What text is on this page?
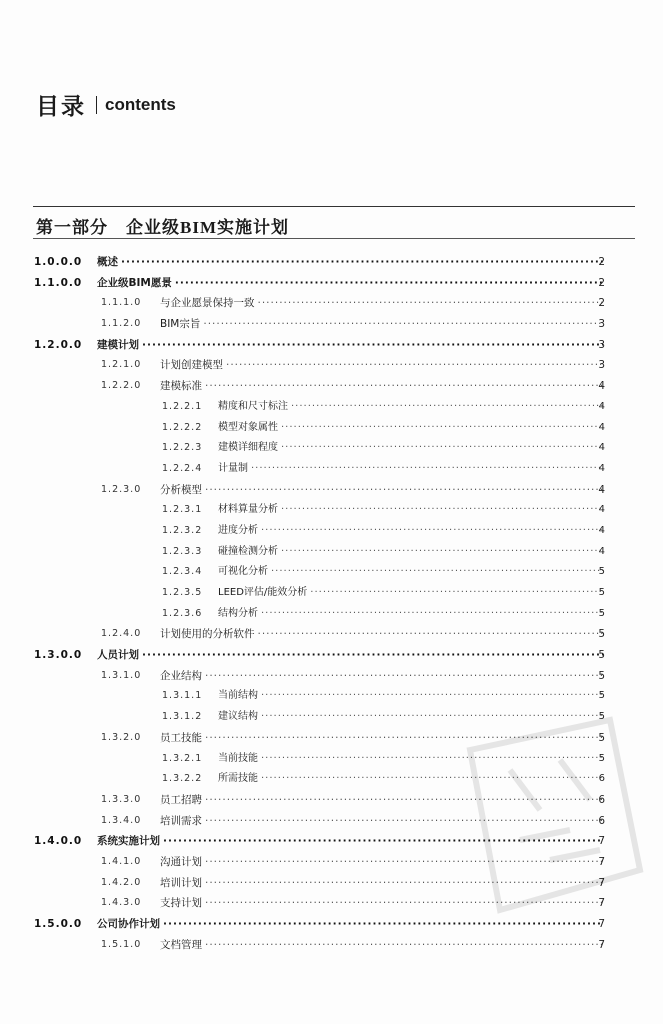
目录 contents
第一部分 企业级BIM实施计划
1.0.0.0 概述 ·····	2
1.1.0.0 企业级BIM愿景 ·····	2
1.1.1.0 与企业愿景保持一致 ·····	2
1.1.2.0 BIM宗旨 ·····	3
1.2.0.0 建模计划 ·····	3
1.2.1.0 计划创建模型 ·····	3
1.2.2.0 建模标准 ·····	4
1.2.2.1 精度和尺寸标注 ·····	4
1.2.2.2 模型对象属性 ·····	4
1.2.2.3 建模详细程度 ·····	4
1.2.2.4 计量制 ·····	4
1.2.3.0 分析模型 ·····	4
1.2.3.1 材料算量分析 ·····	4
1.2.3.2 进度分析 ·····	4
1.2.3.3 碰撞检测分析 ·····	4
1.2.3.4 可视化分析 ·····	5
1.2.3.5 LEED评估/能效分析 ·····	5
1.2.3.6 结构分析 ·····	5
1.2.4.0 计划使用的分析软件 ·····	5
1.3.0.0 人员计划 ·····	5
1.3.1.0 企业结构 ·····	5
1.3.1.1 当前结构 ·····	5
1.3.1.2 建议结构 ·····	5
1.3.2.0 员工技能 ·····	5
1.3.2.1 当前技能 ·····	5
1.3.2.2 所需技能 ·····	6
1.3.3.0 员工招聘 ·····	6
1.3.4.0 培训需求 ·····	6
1.4.0.0 系统实施计划 ·····	7
1.4.1.0 沟通计划 ·····	7
1.4.2.0 培训计划 ·····	7
1.4.3.0 支持计划 ·····	7
1.5.0.0 公司协作计划 ·····	7
1.5.1.0 文档管理 ·····	7
